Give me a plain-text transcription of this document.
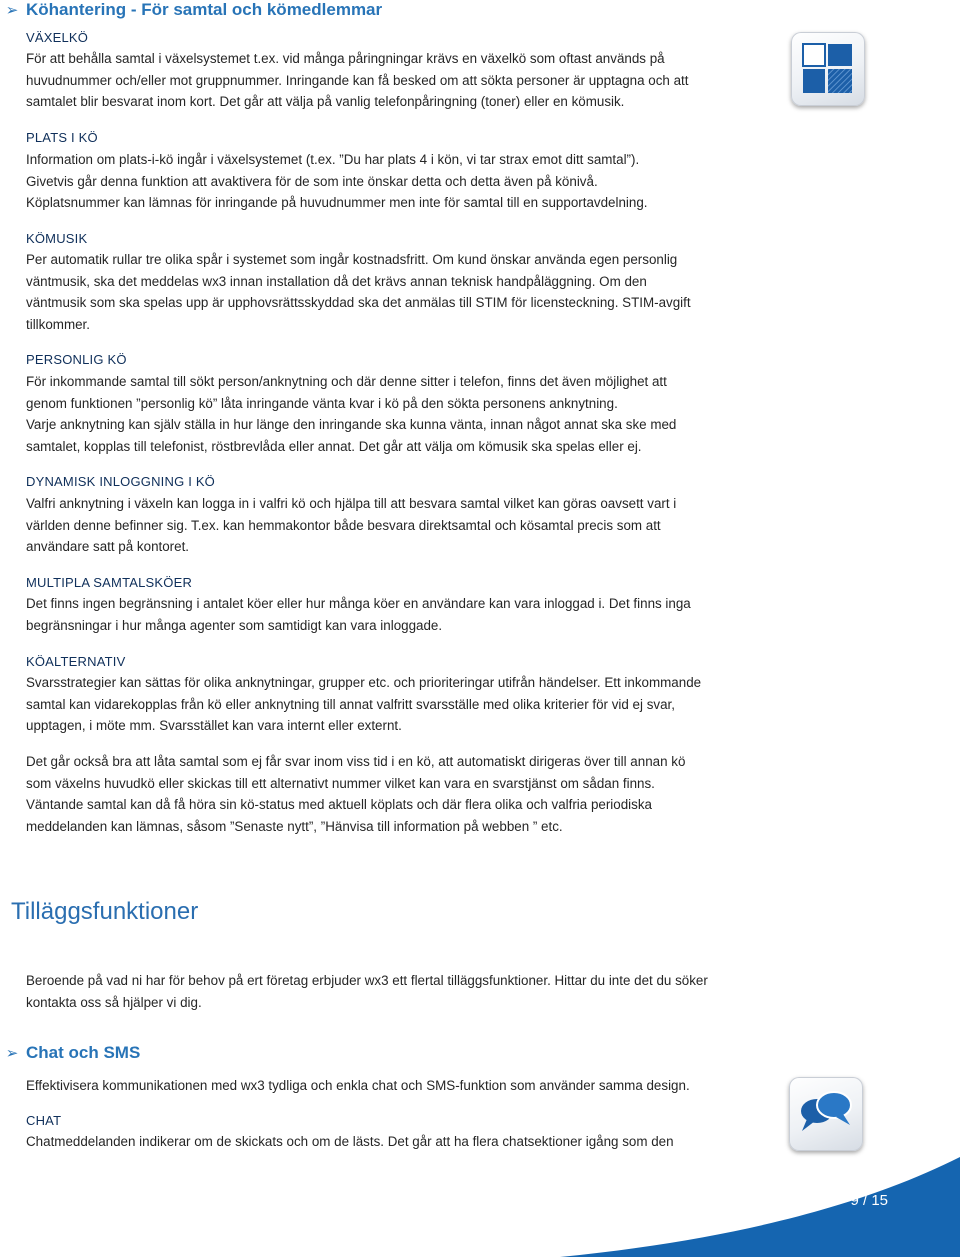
➢ Köhantering - För samtal och kömedlemmar
VÄXELKÖ

För att behålla samtal i växelsystemet t.ex. vid många påringningar krävs en växelkö som oftast används på

huvudnummer och/eller mot gruppnummer. Inringande kan få besked om att sökta personer är upptagna och att

samtalet blir besvarat inom kort. Det går att välja på vanlig telefonpåringning (toner) eller en kömusik.

PLATS I KÖ

Information om plats-i-kö ingår i växelsystemet (t.ex. ”Du har plats 4 i kön, vi tar strax emot ditt samtal”).

Givetvis går denna funktion att avaktivera för de som inte önskar detta och detta även på könivå.

Köplatsnummer kan lämnas för inringande på huvudnummer men inte för samtal till en supportavdelning.

KÖMUSIK

Per automatik rullar tre olika spår i systemet som ingår kostnadsfritt. Om kund önskar använda egen personlig

väntmusik, ska det meddelas wx3 innan installation då det krävs annan teknisk handpåläggning. Om den

väntmusik som ska spelas upp är upphovsrättsskyddad ska det anmälas till STIM för licensteckning. STIM-avgift

tillkommer.

PERSONLIG KÖ

För inkommande samtal till sökt person/anknytning och där denne sitter i telefon, finns det även möjlighet att

genom funktionen ”personlig kö” låta inringande vänta kvar i kö på den sökta personens anknytning.

Varje anknytning kan själv ställa in hur länge den inringande ska kunna vänta, innan något annat ska ske med

samtalet, kopplas till telefonist, röstbrevlåda eller annat. Det går att välja om kömusik ska spelas eller ej.

DYNAMISK INLOGGNING I KÖ

Valfri anknytning i växeln kan logga in i valfri kö och hjälpa till att besvara samtal vilket kan göras oavsett vart i

världen denne befinner sig. T.ex. kan hemmakontor både besvara direktsamtal och kösamtal precis som att

användare satt på kontoret.

MULTIPLA SAMTALSKÖER

Det finns ingen begränsning i antalet köer eller hur många köer en användare kan vara inloggad i. Det finns inga

begränsningar i hur många agenter som samtidigt kan vara inloggade.

KÖALTERNATIV

Svarsstrategier kan sättas för olika anknytningar, grupper etc. och prioriteringar utifrån händelser. Ett inkommande

samtal kan vidarekopplas från kö eller anknytning till annat valfritt svarsställe med olika kriterier för vid ej svar,

upptagen, i möte mm. Svarsstället kan vara internt eller externt.

Det går också bra att låta samtal som ej får svar inom viss tid i en kö, att automatiskt dirigeras över till annan kö

som växelns huvudkö eller skickas till ett alternativt nummer vilket kan vara en svarstjänst om sådan finns.

Väntande samtal kan då få höra sin kö-status med aktuell köplats och där flera olika och valfria periodiska

meddelanden kan lämnas, såsom ”Senaste nytt”, ”Hänvisa till information på webben ” etc.

Tilläggsfunktioner

Beroende på vad ni har för behov på ert företag erbjuder wx3 ett flertal tilläggsfunktioner. Hittar du inte det du söker

kontakta oss så hjälper vi dig.

➢ Chat och SMS

Effektivisera kommunikationen med wx3 tydliga och enkla chat och SMS-funktion som använder samma design.

CHAT

Chatmeddelanden indikerar om de skickats och om de lästs. Det går att ha flera chatsektioner igång som den

9 / 15
